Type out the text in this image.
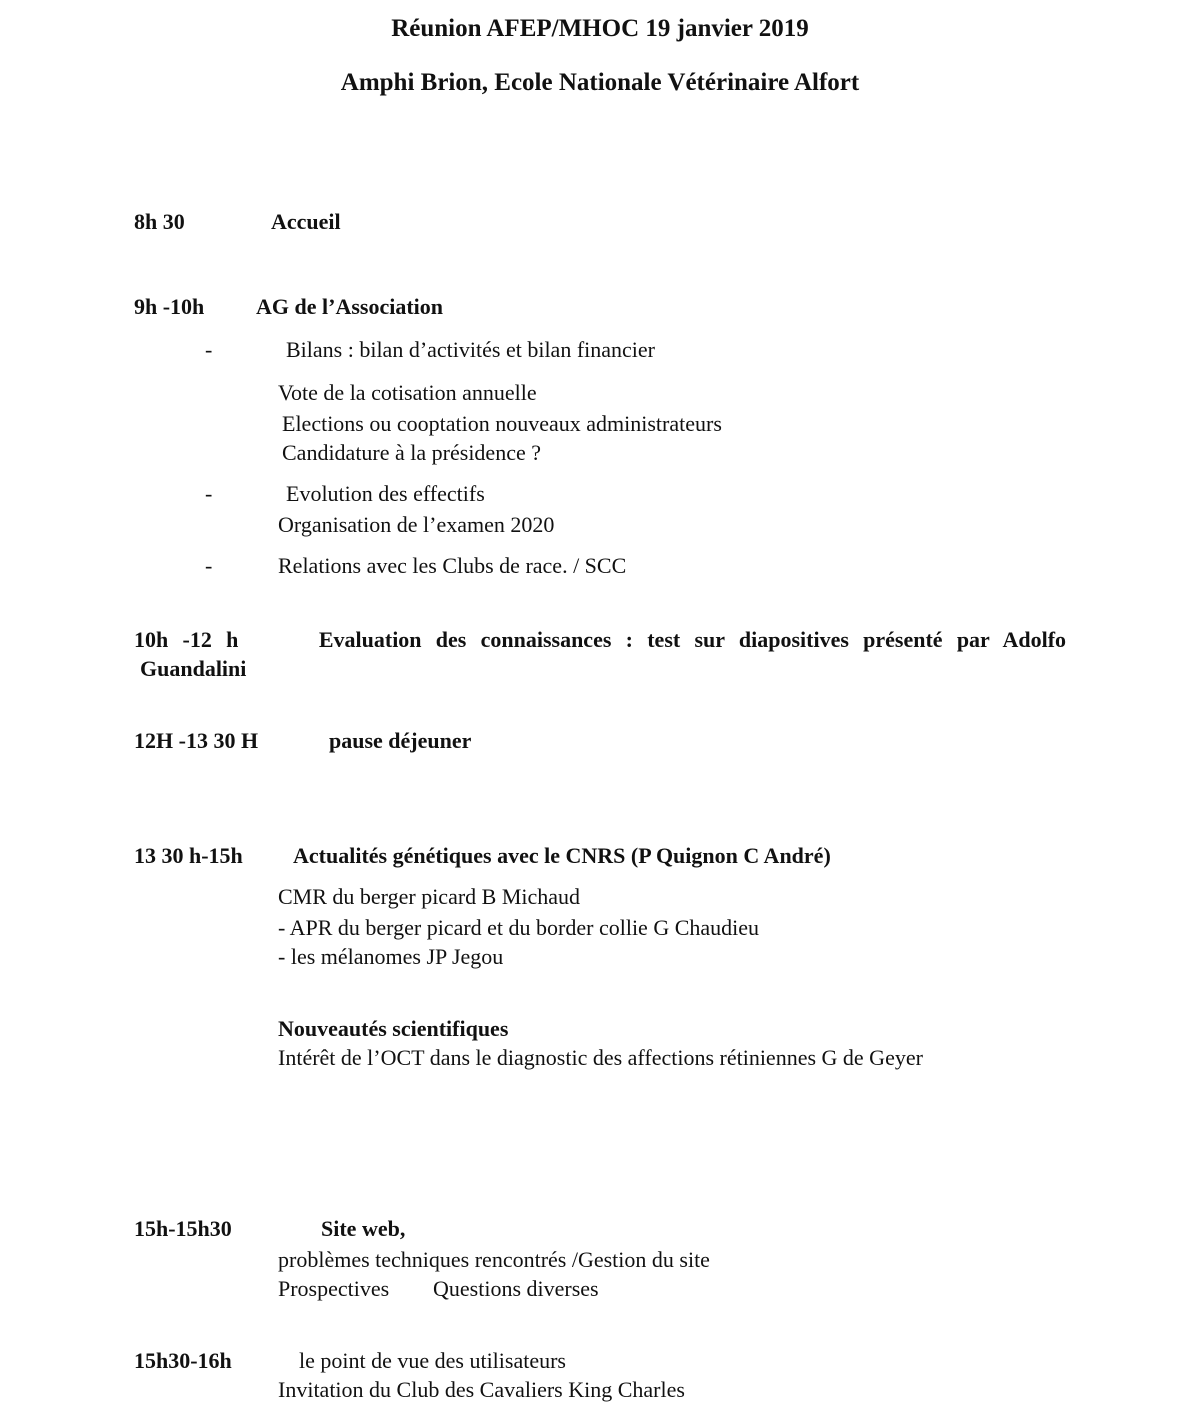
Réunion AFEP/MHOC 19 janvier 2019
Amphi Brion, Ecole Nationale Vétérinaire Alfort
8h 30	Accueil
9h -10h AG de l’Association
-	Bilans : bilan d’activités et bilan financier
Vote de la cotisation annuelle
Elections ou cooptation nouveaux administrateurs
Candidature à la présidence ?
-	Evolution des effectifs
Organisation de l’examen 2020
-	Relations avec les Clubs de race. / SCC
10h -12 h	Evaluation des connaissances : test sur diapositives présenté par Adolfo
Guandalini
12H -13 30 H	pause déjeuner
13 30 h-15h Actualités génétiques avec le CNRS (P Quignon C André)
CMR du berger picard B Michaud
- APR du berger picard et du border collie G Chaudieu
- les mélanomes JP Jegou
Nouveautés scientifiques
Intérêt de l’OCT dans le diagnostic des affections rétiniennes G de Geyer
15h-15h30	Site web,
problèmes techniques rencontrés /Gestion du site
Prospectives Questions diverses
15h30-16h	le point de vue des utilisateurs
Invitation du Club des Cavaliers King Charles
